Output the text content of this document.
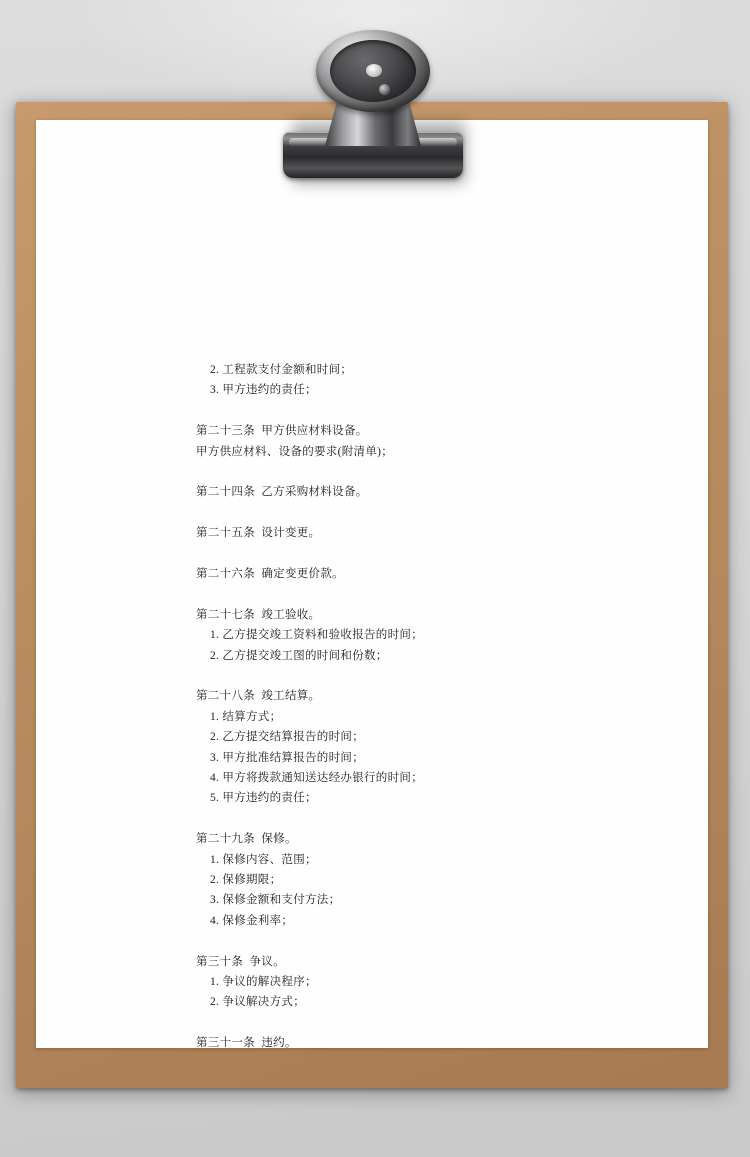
2. 工程款支付金额和时间；
3. 甲方违约的责任；
第二十三条  甲方供应材料设备。
甲方供应材料、设备的要求(附清单)；
第二十四条  乙方采购材料设备。
第二十五条  设计变更。
第二十六条  确定变更价款。
第二十七条  竣工验收。
1. 乙方提交竣工资料和验收报告的时间；
2. 乙方提交竣工图的时间和份数；
第二十八条  竣工结算。
1. 结算方式；
2. 乙方提交结算报告的时间；
3. 甲方批准结算报告的时间；
4. 甲方将拨款通知送达经办银行的时间；
5. 甲方违约的责任；
第二十九条  保修。
1. 保修内容、范围；
2. 保修期限；
3. 保修金额和支付方法；
4. 保修金利率；
第三十条  争议。
1. 争议的解决程序；
2. 争议解决方式；
第三十一条  违约。
